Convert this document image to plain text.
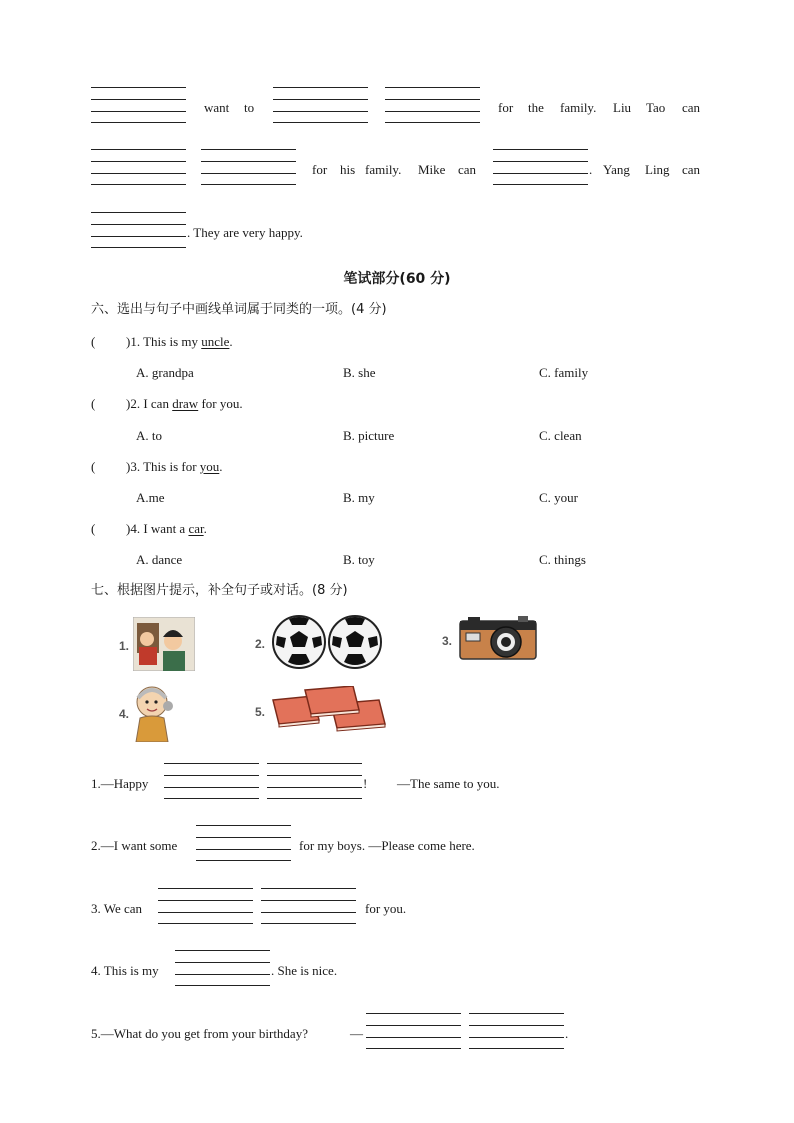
want to	for the family. Liu Tao can
for his family. Mike can	. Yang Ling can
. They are very happy.
笔试部分(60 分)
六、选出与句子中画线单词属于同类的一项。(4 分)
( )1. This is my uncle.
A. grandpa	B. she	C. family
( )2. I can draw for you.
A. to	B. picture	C. clean
( )3. This is for you.
A.me	B. my	C. your
( )4. I want a car.
A. dance	B. toy	C. things
七、根据图片提示，补全句子或对话。(8 分)
1.	2.	3.
4.	5.
1.—Happy	! —The same to you.
2.—I want some	for my boys. —Please come here.
3. We can	for you.
4. This is my	. She is nice.
5.—What do you get from your birthday?	—	.
